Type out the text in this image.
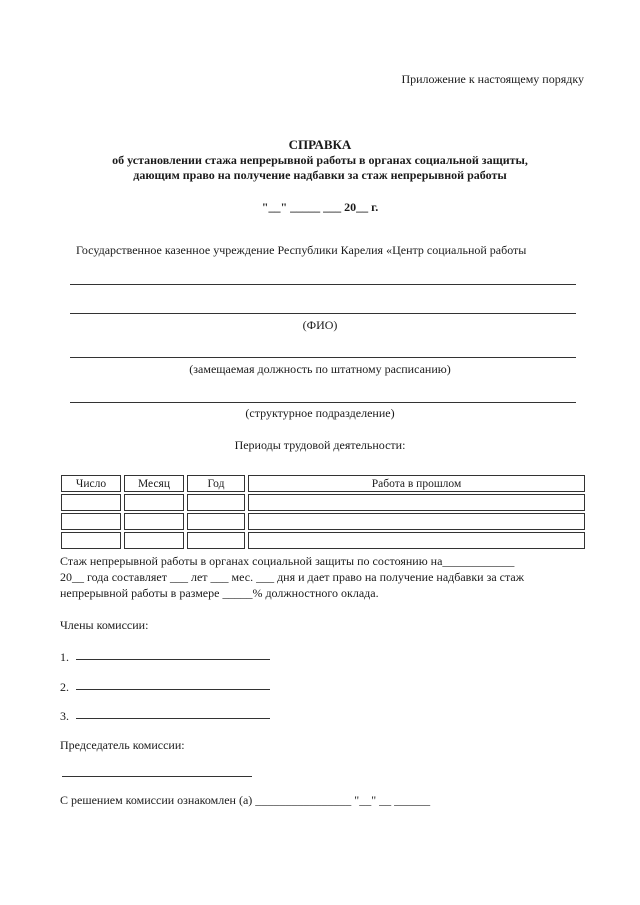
Приложение к настоящему порядку
СПРАВКА
об установлении стажа непрерывной работы в органах социальной защиты,
дающим право на получение надбавки за стаж непрерывной работы
"__" _____ ___ 20__ г.
Государственное казенное учреждение Республики Карелия «Центр социальной работы
(ФИО)
(замещаемая должность по штатному расписанию)
(структурное подразделение)
Периоды трудовой деятельности:
Число	Месяц	Год	Работа в прошлом

Стаж непрерывной работы в органах социальной защиты по состоянию на____________
20__ года составляет ___ лет ___ мес. ___ дня и дает право на получение надбавки за стаж
непрерывной работы в размере _____% должностного оклада.
Члены комиссии:
1.
2.
3.
Председатель комиссии:
С решением комиссии ознакомлен (а) ________________ "__" __ ______
